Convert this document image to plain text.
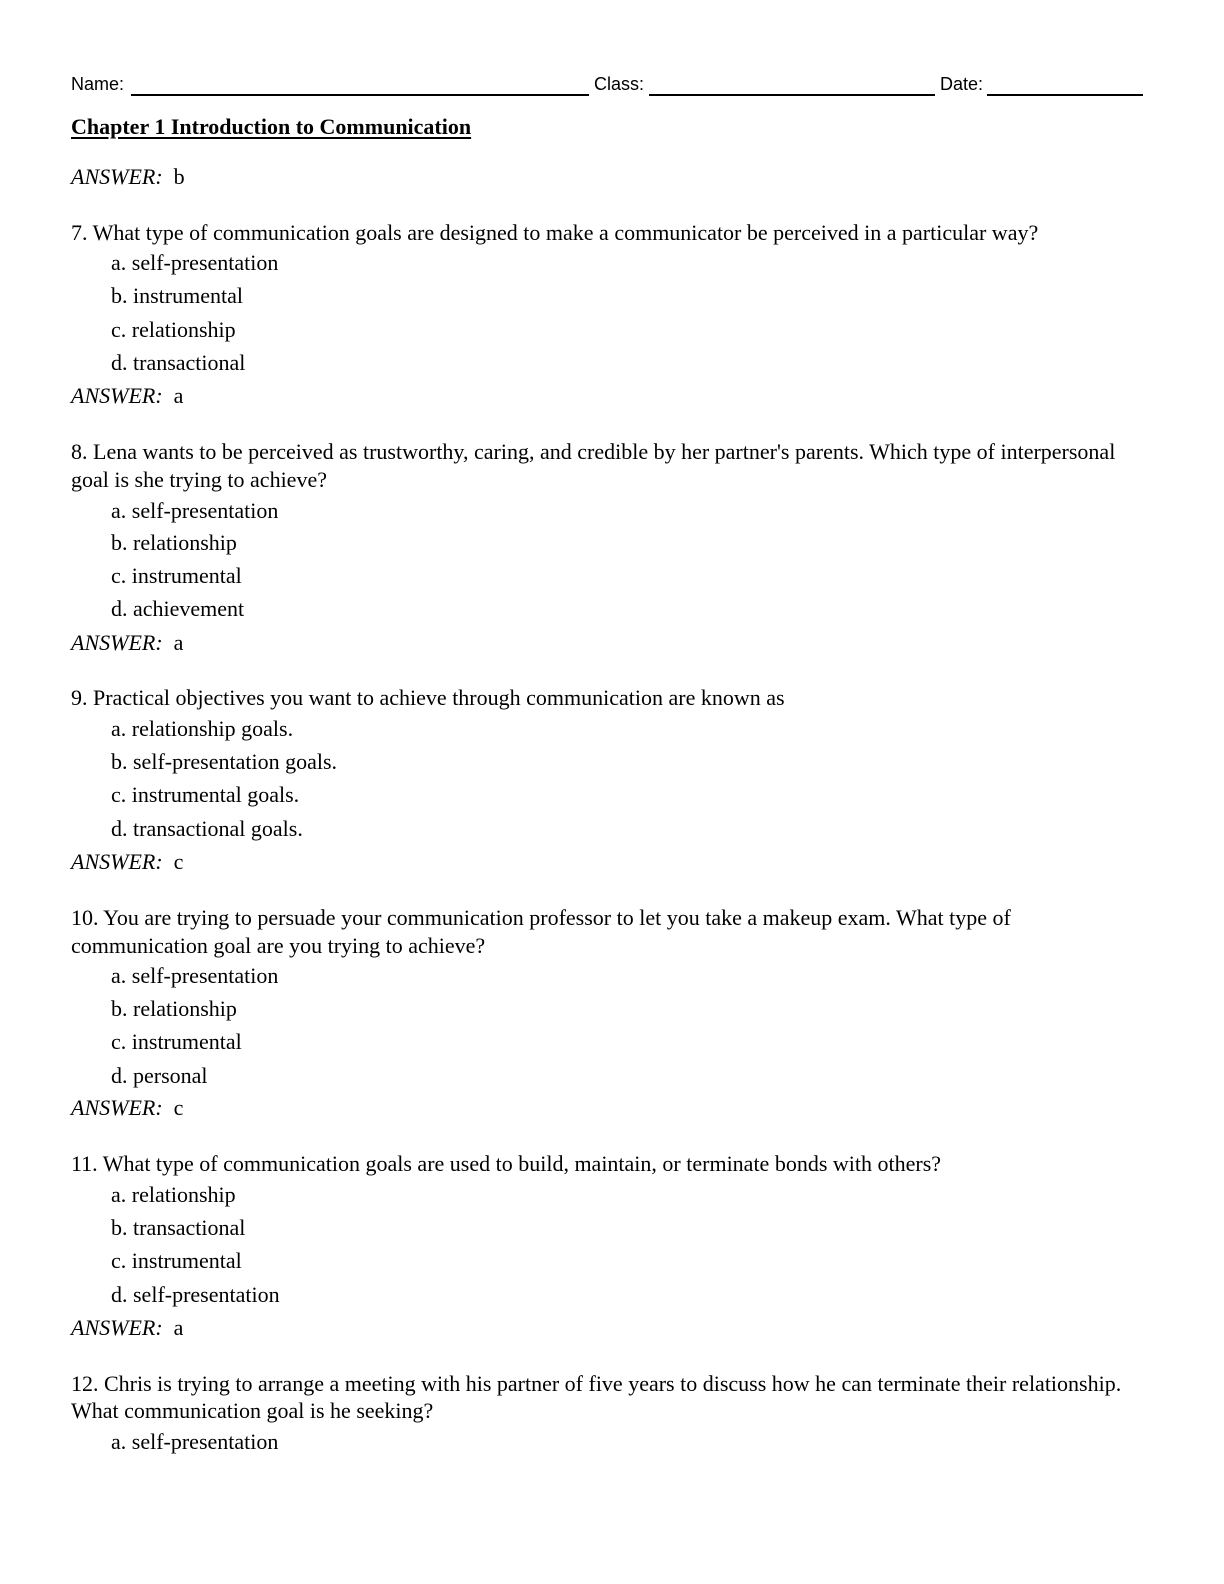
Name:	Class:	Date:
Chapter 1 Introduction to Communication
ANSWER: b
7. What type of communication goals are designed to make a communicator be perceived in a particular way?
a. self-presentation
b. instrumental
c. relationship
d. transactional
ANSWER: a
8. Lena wants to be perceived as trustworthy, caring, and credible by her partner's parents. Which type of interpersonal goal is she trying to achieve?
a. self-presentation
b. relationship
c. instrumental
d. achievement
ANSWER: a
9. Practical objectives you want to achieve through communication are known as
a. relationship goals.
b. self-presentation goals.
c. instrumental goals.
d. transactional goals.
ANSWER: c
10. You are trying to persuade your communication professor to let you take a makeup exam. What type of communication goal are you trying to achieve?
a. self-presentation
b. relationship
c. instrumental
d. personal
ANSWER: c
11. What type of communication goals are used to build, maintain, or terminate bonds with others?
a. relationship
b. transactional
c. instrumental
d. self-presentation
ANSWER: a
12. Chris is trying to arrange a meeting with his partner of five years to discuss how he can terminate their relationship. What communication goal is he seeking?
a. self-presentation
